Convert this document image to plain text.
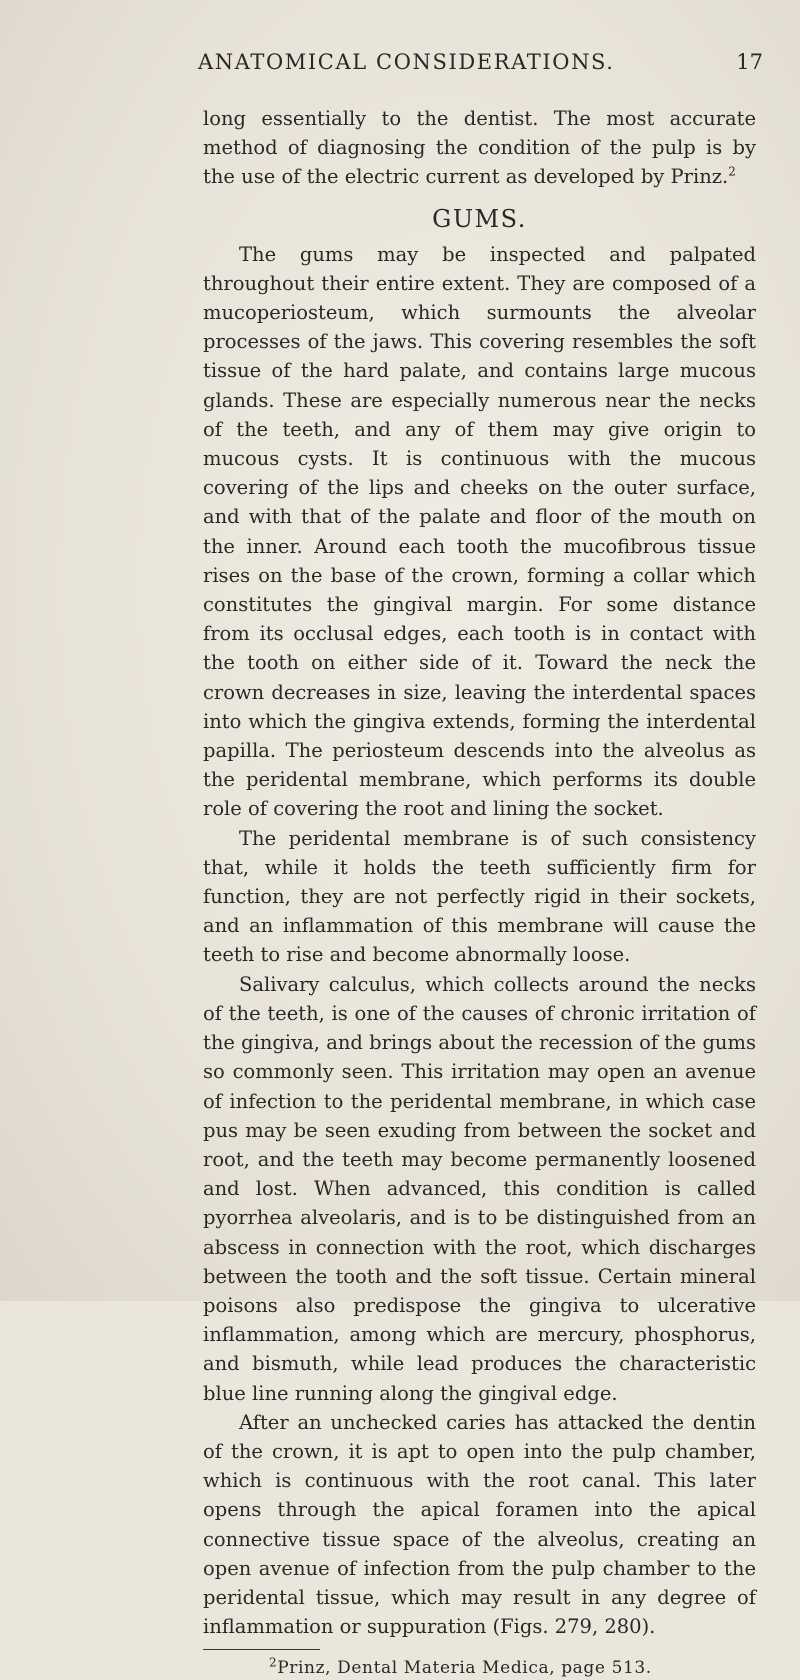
ANATOMICAL CONSIDERATIONS.	17

long essentially to the dentist. The most accurate method of diagnosing the condition of the pulp is by the use of the electric current as developed by Prinz.$^2$

GUMS.

The gums may be inspected and palpated throughout their entire extent. They are composed of a mucoperiosteum, which surmounts the alveolar processes of the jaws. This covering resembles the soft tissue of the hard palate, and contains large mucous glands. These are especially numerous near the necks of the teeth, and any of them may give origin to mucous cysts. It is continuous with the mucous covering of the lips and cheeks on the outer surface, and with that of the palate and floor of the mouth on the inner. Around each tooth the mucofibrous tissue rises on the base of the crown, forming a collar which constitutes the gingival margin. For some distance from its occlusal edges, each tooth is in contact with the tooth on either side of it. Toward the neck the crown decreases in size, leaving the interdental spaces into which the gingiva extends, forming the interdental papilla. The periosteum descends into the alveolus as the peridental membrane, which performs its double role of covering the root and lining the socket.

The peridental membrane is of such consistency that, while it holds the teeth sufficiently firm for function, they are not perfectly rigid in their sockets, and an inflammation of this membrane will cause the teeth to rise and become abnormally loose.

Salivary calculus, which collects around the necks of the teeth, is one of the causes of chronic irritation of the gingiva, and brings about the recession of the gums so commonly seen. This irritation may open an avenue of infection to the peridental membrane, in which case pus may be seen exuding from between the socket and root, and the teeth may become permanently loosened and lost. When advanced, this condition is called pyorrhea alveolaris, and is to be distinguished from an abscess in connection with the root, which discharges between the tooth and the soft tissue. Certain mineral poisons also predispose the gingiva to ulcerative inflammation, among which are mercury, phosphorus, and bismuth, while lead produces the characteristic blue line running along the gingival edge.

After an unchecked caries has attacked the dentin of the crown, it is apt to open into the pulp chamber, which is continuous with the root canal. This later opens through the apical foramen into the apical connective tissue space of the alveolus, creating an open avenue of infection from the pulp chamber to the peridental tissue, which may result in any degree of inflammation or suppuration (Figs. 279, 280).

$^2$Prinz, Dental Materia Medica, page 513.
